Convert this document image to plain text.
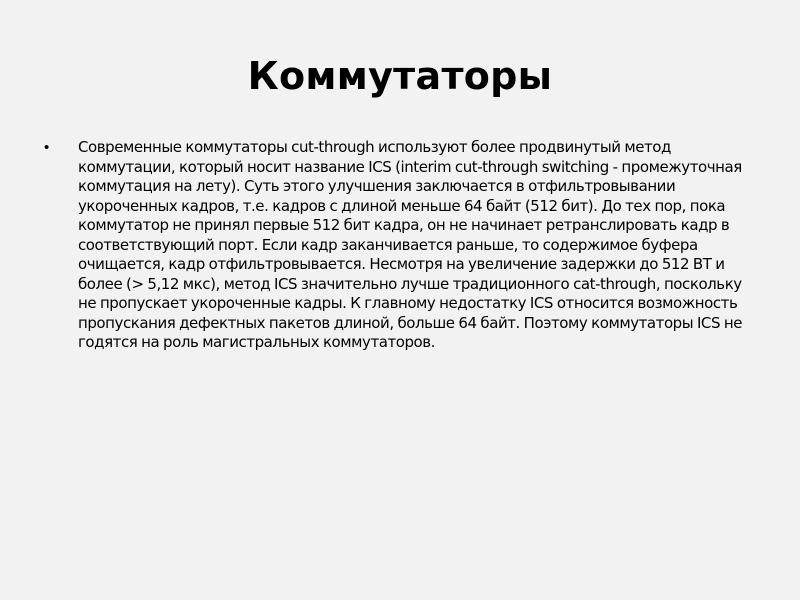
Коммутаторы
• Современные коммутаторы cut-through используют более продвинутый метод коммутации, который носит название ICS (interim cut-through switching - промежуточная коммутация на лету). Суть этого улучшения заключается в отфильтровывании укороченных кадров, т.е. кадров с длиной меньше 64 байт (512 бит). До тех пор, пока коммутатор не принял первые 512 бит кадра, он не начинает ретранслировать кадр в соответствующий порт. Если кадр заканчивается раньше, то содержимое буфера очищается, кадр отфильтровывается. Несмотря на увеличение задержки до 512 ВТ и более (> 5,12 мкс), метод ICS значительно лучше традиционного cat-through, поскольку не пропускает укороченные кадры. К главному недостатку ICS относится возможность пропускания дефектных пакетов длиной, больше 64 байт. Поэтому коммутаторы ICS не годятся на роль магистральных коммутаторов.
